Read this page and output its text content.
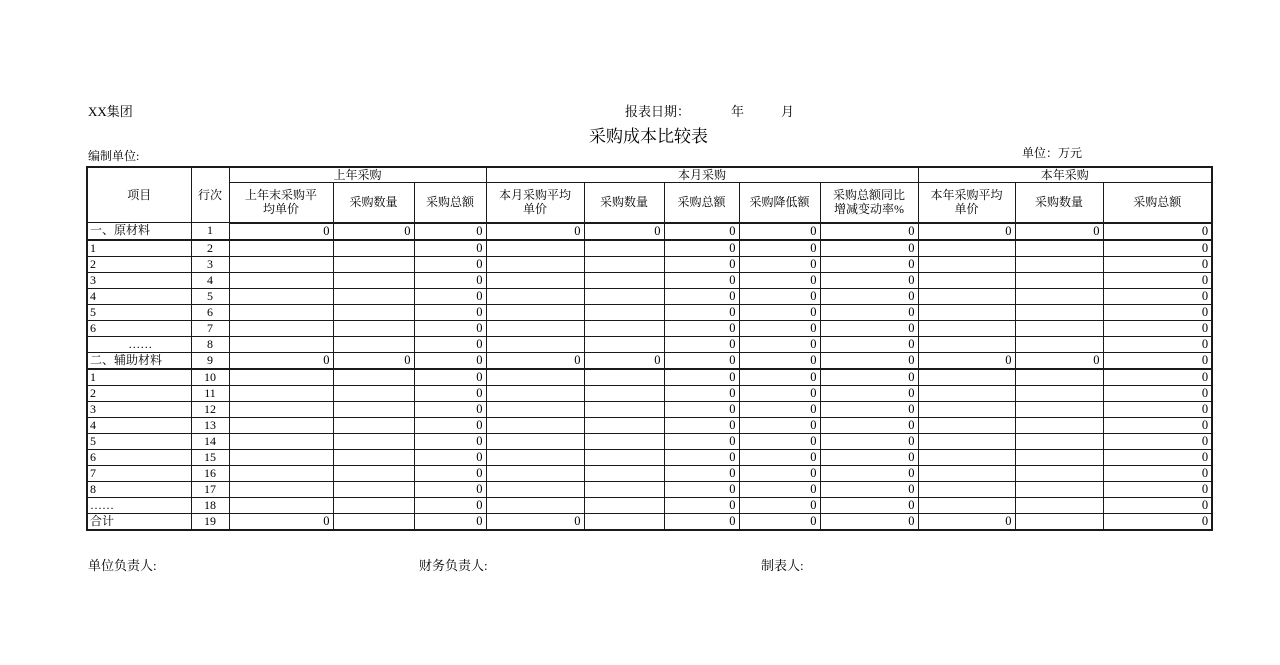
XX集团	报表日期：	年	月
采购成本比较表
编制单位:	单位：万元
项目	行次	上年采购			本月采购					本年采购		
		上年末采购平均单价	采购数量	采购总额	本月采购平均单价	采购数量	采购总额	采购降低额	采购总额同比增减变动率%	本年采购平均单价	采购数量	采购总额
一、原材料	1	0	0	0	0	0	0	0	0	0	0	0
1	2			0			0	0	0			0
2	3			0			0	0	0			0
3	4			0			0	0	0			0
4	5			0			0	0	0			0
5	6			0			0	0	0			0
6	7			0			0	0	0			0
……	8			0			0	0	0			0
二、辅助材料	9	0	0	0	0	0	0	0	0	0	0	0
1	10			0			0	0	0			0
2	11			0			0	0	0			0
3	12			0			0	0	0			0
4	13			0			0	0	0			0
5	14			0			0	0	0			0
6	15			0			0	0	0			0
7	16			0			0	0	0			0
8	17			0			0	0	0			0
……	18			0			0	0	0			0
合计	19	0		0	0		0	0	0	0		0
单位负责人:	财务负责人:	制表人:
